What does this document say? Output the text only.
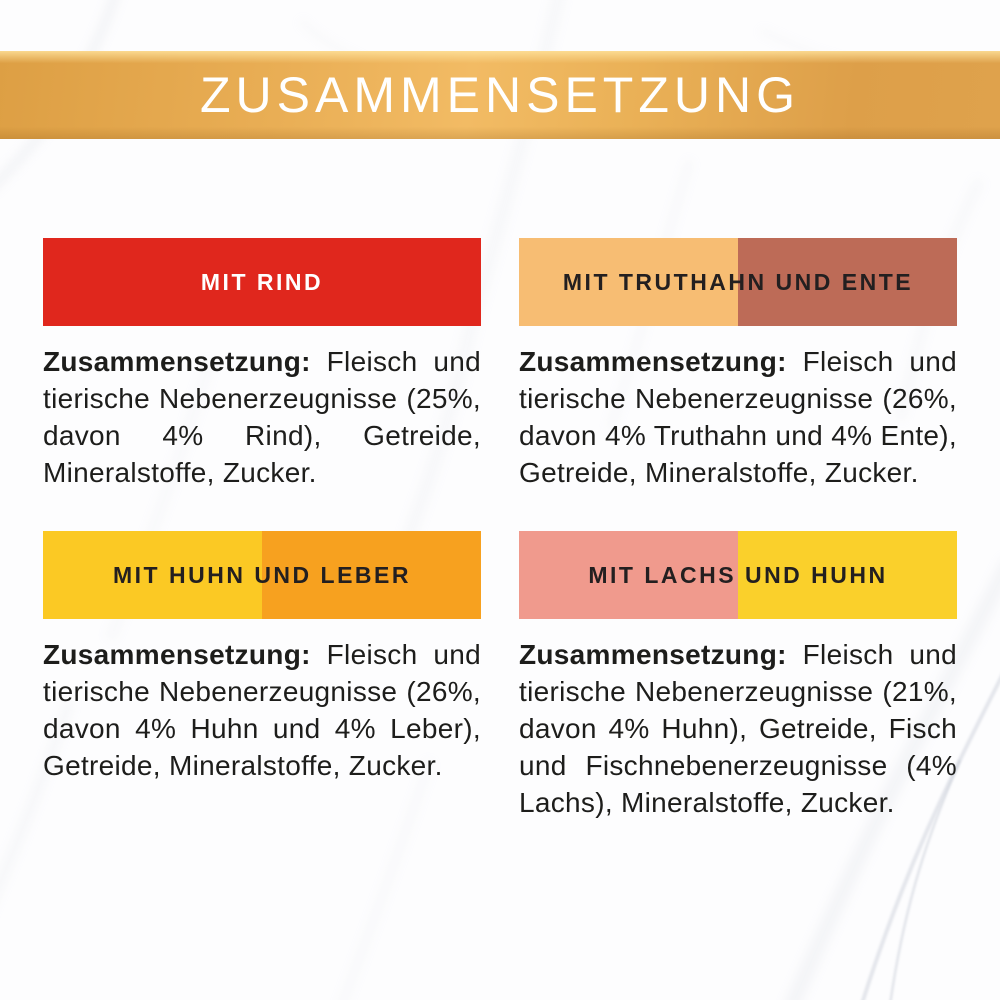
ZUSAMMENSETZUNG
MIT RIND

Zusammensetzung: Fleisch und tierische Nebenerzeugnisse (25%, davon 4% Rind), Getreide, Mineralstoffe, Zucker.

MIT TRUTHAHN UND ENTE

Zusammensetzung: Fleisch und tierische Nebenerzeugnisse (26%, davon 4% Truthahn und 4% Ente), Getreide, Mineralstoffe, Zucker.

MIT HUHN UND LEBER

Zusammensetzung: Fleisch und tierische Nebenerzeugnisse (26%, davon 4% Huhn und 4% Leber), Getreide, Mineralstoffe, Zucker.

MIT LACHS UND HUHN

Zusammensetzung: Fleisch und tierische Nebenerzeugnisse (21%, davon 4% Huhn), Getreide, Fisch und Fischnebenerzeugnisse (4% Lachs), Mineralstoffe, Zucker.
